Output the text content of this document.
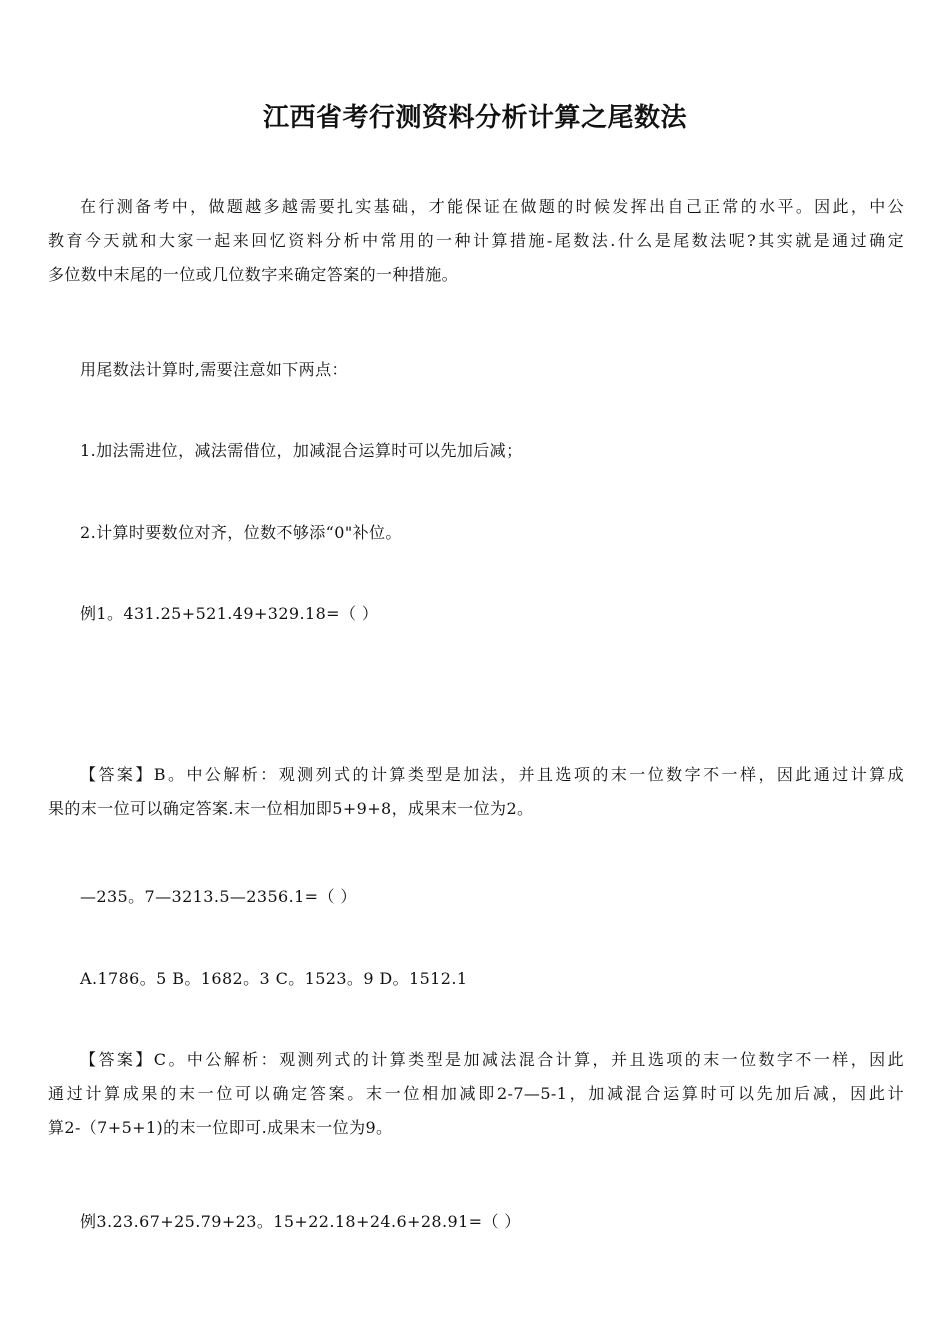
江西省考行测资料分析计算之尾数法
在行测备考中，做题越多越需要扎实基础，才能保证在做题的时候发挥出自己正常的水平。因此，中公
教育今天就和大家一起来回忆资料分析中常用的一种计算措施-尾数法.什么是尾数法呢?其实就是通过确定
多位数中末尾的一位或几位数字来确定答案的一种措施。
用尾数法计算时,需要注意如下两点：
1.加法需进位，减法需借位，加减混合运算时可以先加后减；
2.计算时要数位对齐，位数不够添“0"补位。
例1。431.25+521.49+329.18=（ ）
【答案】B。中公解析：观测列式的计算类型是加法，并且选项的末一位数字不一样，因此通过计算成
果的末一位可以确定答案.末一位相加即5+9+8，成果末一位为2。
—235。7—3213.5—2356.1=（ ）
A.1786。5 B。1682。3 C。1523。9 D。1512.1
【答案】C。中公解析：观测列式的计算类型是加减法混合计算，并且选项的末一位数字不一样，因此
通过计算成果的末一位可以确定答案。末一位相加减即2-7—5-1，加减混合运算时可以先加后减，因此计
算2-（7+5+1)的末一位即可.成果末一位为9。
例3.23.67+25.79+23。15+22.18+24.6+28.91=（ ）
